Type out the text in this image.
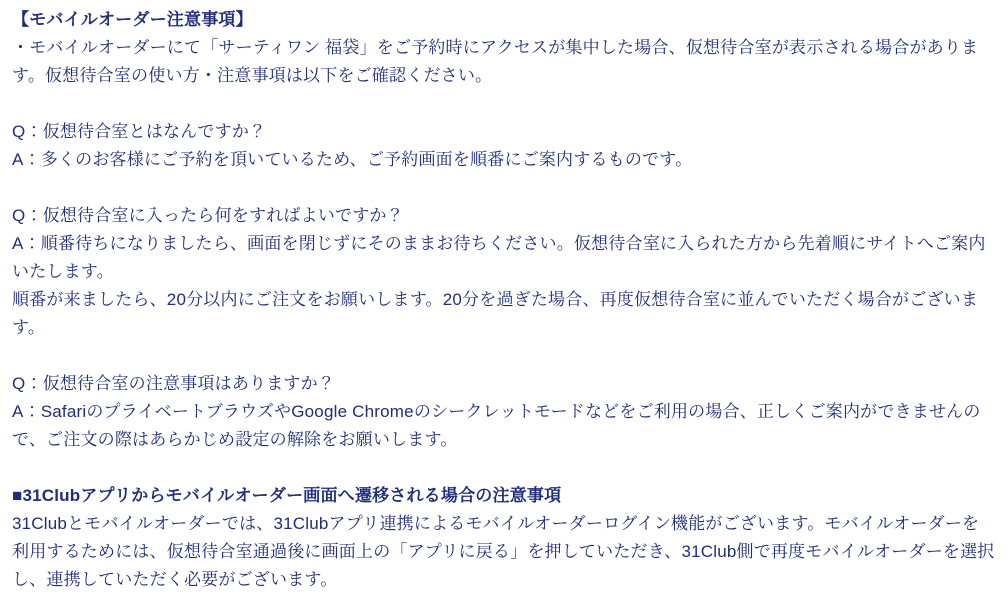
【モバイルオーダー注意事項】
・モバイルオーダーにて「サーティワン 福袋」をご予約時にアクセスが集中した場合、仮想待合室が表示される場合があります。仮想待合室の使い方・注意事項は以下をご確認ください。
Q：仮想待合室とはなんですか？
A：多くのお客様にご予約を頂いているため、ご予約画面を順番にご案内するものです。
Q：仮想待合室に入ったら何をすればよいですか？
A：順番待ちになりましたら、画面を閉じずにそのままお待ちください。仮想待合室に入られた方から先着順にサイトへご案内いたします。
順番が来ましたら、20分以内にご注文をお願いします。20分を過ぎた場合、再度仮想待合室に並んでいただく場合がございます。
Q：仮想待合室の注意事項はありますか？
A：SafariのプライベートブラウズやGoogle Chromeのシークレットモードなどをご利用の場合、正しくご案内ができませんので、ご注文の際はあらかじめ設定の解除をお願いします。
■31Clubアプリからモバイルオーダー画面へ遷移される場合の注意事項
31Clubとモバイルオーダーでは、31Clubアプリ連携によるモバイルオーダーログイン機能がございます。モバイルオーダーを利用するためには、仮想待合室通過後に画面上の「アプリに戻る」を押していただき、31Club側で再度モバイルオーダーを選択し、連携していただく必要がございます。
